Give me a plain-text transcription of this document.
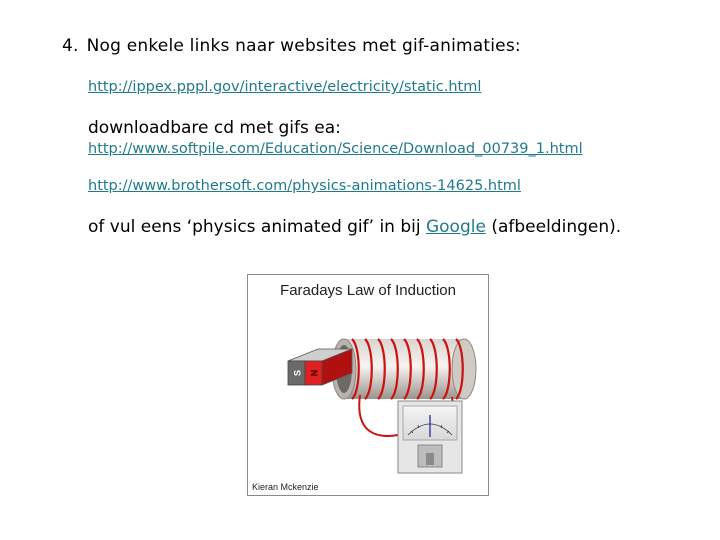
4. Nog enkele links naar websites met gif-animaties:
http://ippex.pppl.gov/interactive/electricity/static.html
downloadbare cd met gifs ea:
http://www.softpile.com/Education/Science/Download_00739_1.html
http://www.brothersoft.com/physics-animations-14625.html
of vul eens ‘physics animated gif’ in bij Google (afbeeldingen).
S N
Faradays Law of Induction
Kieran Mckenzie
